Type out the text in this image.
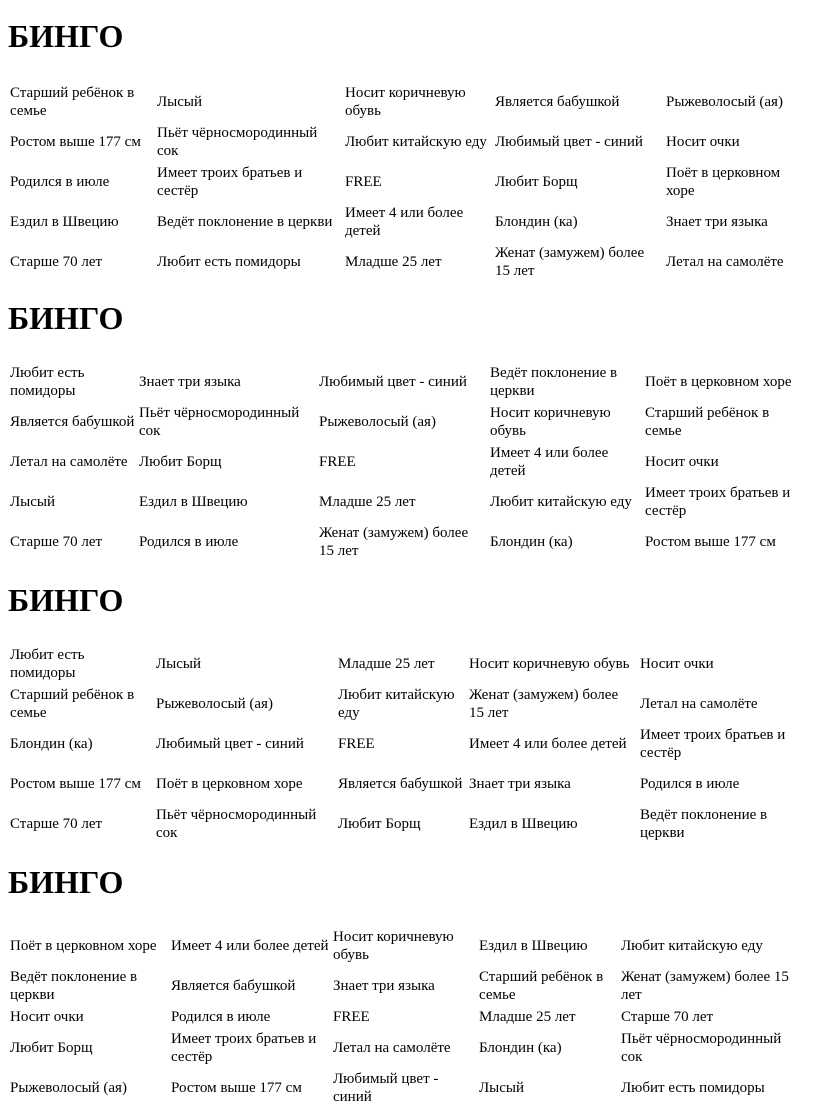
БИНГО
Старший ребёнок в семье	Лысый	Носит коричневую обувь	Является бабушкой	Рыжеволосый (ая)
Ростом выше 177 см	Пьёт чёрносмородинный сок	Любит китайскую еду	Любимый цвет - синий	Носит очки
Родился в июле	Имеет троих братьев и сестёр	FREE	Любит Борщ	Поёт в церковном хоре
Ездил в Швецию	Ведёт поклонение в церкви	Имеет 4 или более детей	Блондин (ка)	Знает три языка
Старше 70 лет	Любит есть помидоры	Младше 25 лет	Женат (замужем) более 15 лет	Летал на самолёте
БИНГО
Любит есть помидоры	Знает три языка	Любимый цвет - синий	Ведёт поклонение в церкви	Поёт в церковном хоре
Является бабушкой	Пьёт чёрносмородинный сок	Рыжеволосый (ая)	Носит коричневую обувь	Старший ребёнок в семье
Летал на самолёте	Любит Борщ	FREE	Имеет 4 или более детей	Носит очки
Лысый	Ездил в Швецию	Младше 25 лет	Любит китайскую еду	Имеет троих братьев и сестёр
Старше 70 лет	Родился в июле	Женат (замужем) более 15 лет	Блондин (ка)	Ростом выше 177 см
БИНГО
Любит есть помидоры	Лысый	Младше 25 лет	Носит коричневую обувь	Носит очки
Старший ребёнок в семье	Рыжеволосый (ая)	Любит китайскую еду	Женат (замужем) более 15 лет	Летал на самолёте
Блондин (ка)	Любимый цвет - синий	FREE	Имеет 4 или более детей	Имеет троих братьев и сестёр
Ростом выше 177 см	Поёт в церковном хоре	Является бабушкой	Знает три языка	Родился в июле
Старше 70 лет	Пьёт чёрносмородинный сок	Любит Борщ	Ездил в Швецию	Ведёт поклонение в церкви
БИНГО
Поёт в церковном хоре	Имеет 4 или более детей	Носит коричневую обувь	Ездил в Швецию	Любит китайскую еду
Ведёт поклонение в церкви	Является бабушкой	Знает три языка	Старший ребёнок в семье	Женат (замужем) более 15 лет
Носит очки	Родился в июле	FREE	Младше 25 лет	Старше 70 лет
Любит Борщ	Имеет троих братьев и сестёр	Летал на самолёте	Блондин (ка)	Пьёт чёрносмородинный сок
Рыжеволосый (ая)	Ростом выше 177 см	Любимый цвет - синий	Лысый	Любит есть помидоры
